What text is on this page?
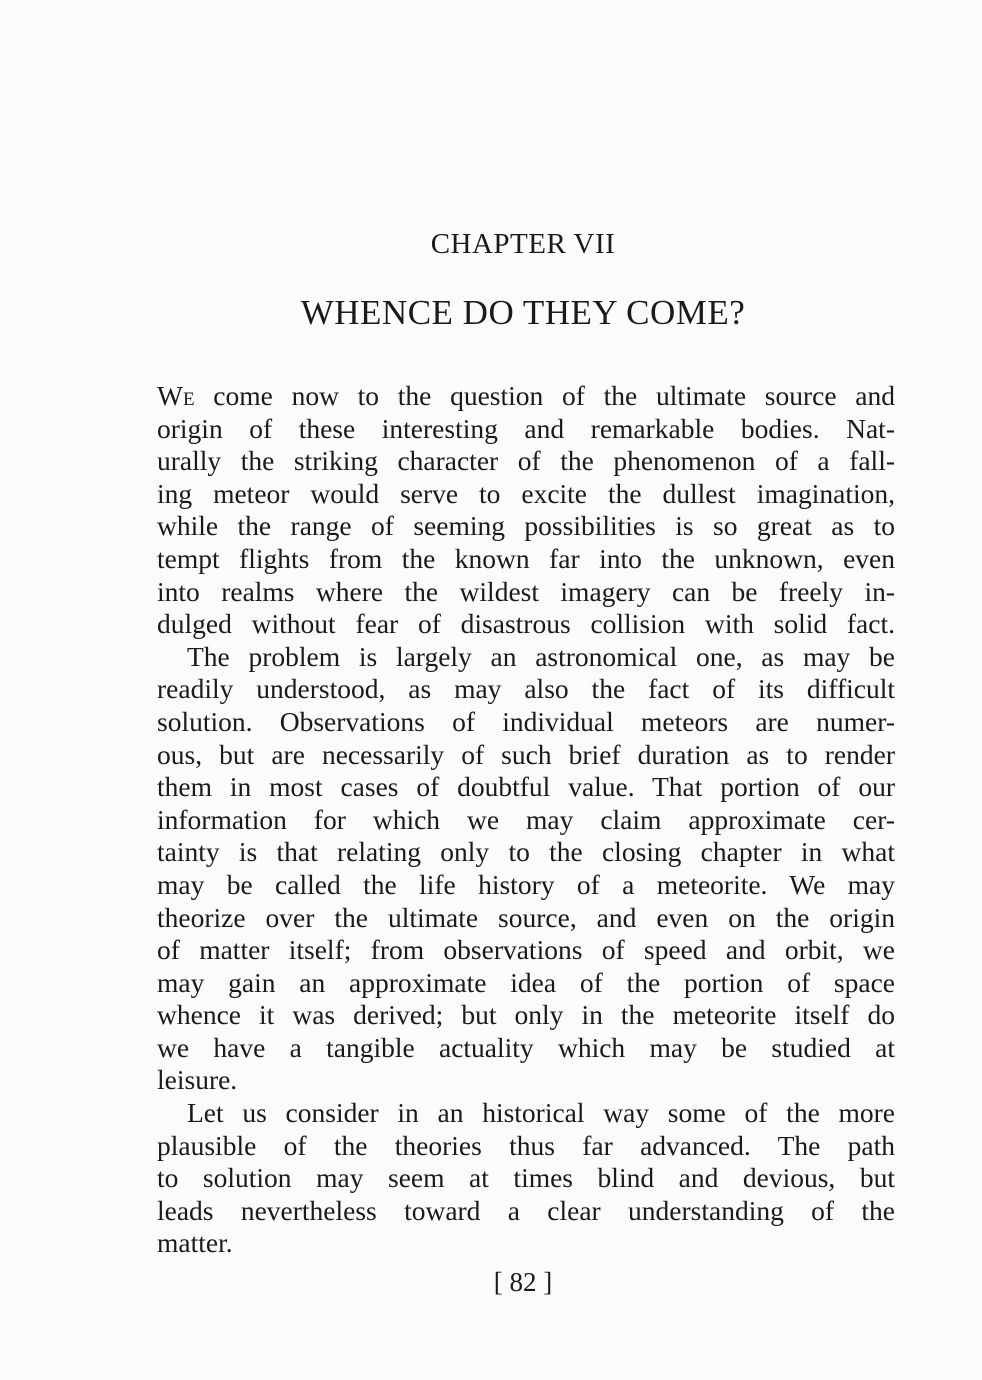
CHAPTER VII
WHENCE DO THEY COME?
We come now to the question of the ultimate source and
origin of these interesting and remarkable bodies. Nat-
urally the striking character of the phenomenon of a fall-
ing meteor would serve to excite the dullest imagination,
while the range of seeming possibilities is so great as to
tempt flights from the known far into the unknown, even
into realms where the wildest imagery can be freely in-
dulged without fear of disastrous collision with solid fact.
The problem is largely an astronomical one, as may be
readily understood, as may also the fact of its difficult
solution. Observations of individual meteors are numer-
ous, but are necessarily of such brief duration as to render
them in most cases of doubtful value. That portion of our
information for which we may claim approximate cer-
tainty is that relating only to the closing chapter in what
may be called the life history of a meteorite. We may
theorize over the ultimate source, and even on the origin
of matter itself; from observations of speed and orbit, we
may gain an approximate idea of the portion of space
whence it was derived; but only in the meteorite itself do
we have a tangible actuality which may be studied at
leisure.
Let us consider in an historical way some of the more
plausible of the theories thus far advanced. The path
to solution may seem at times blind and devious, but
leads nevertheless toward a clear understanding of the
matter.
[ 82 ]
